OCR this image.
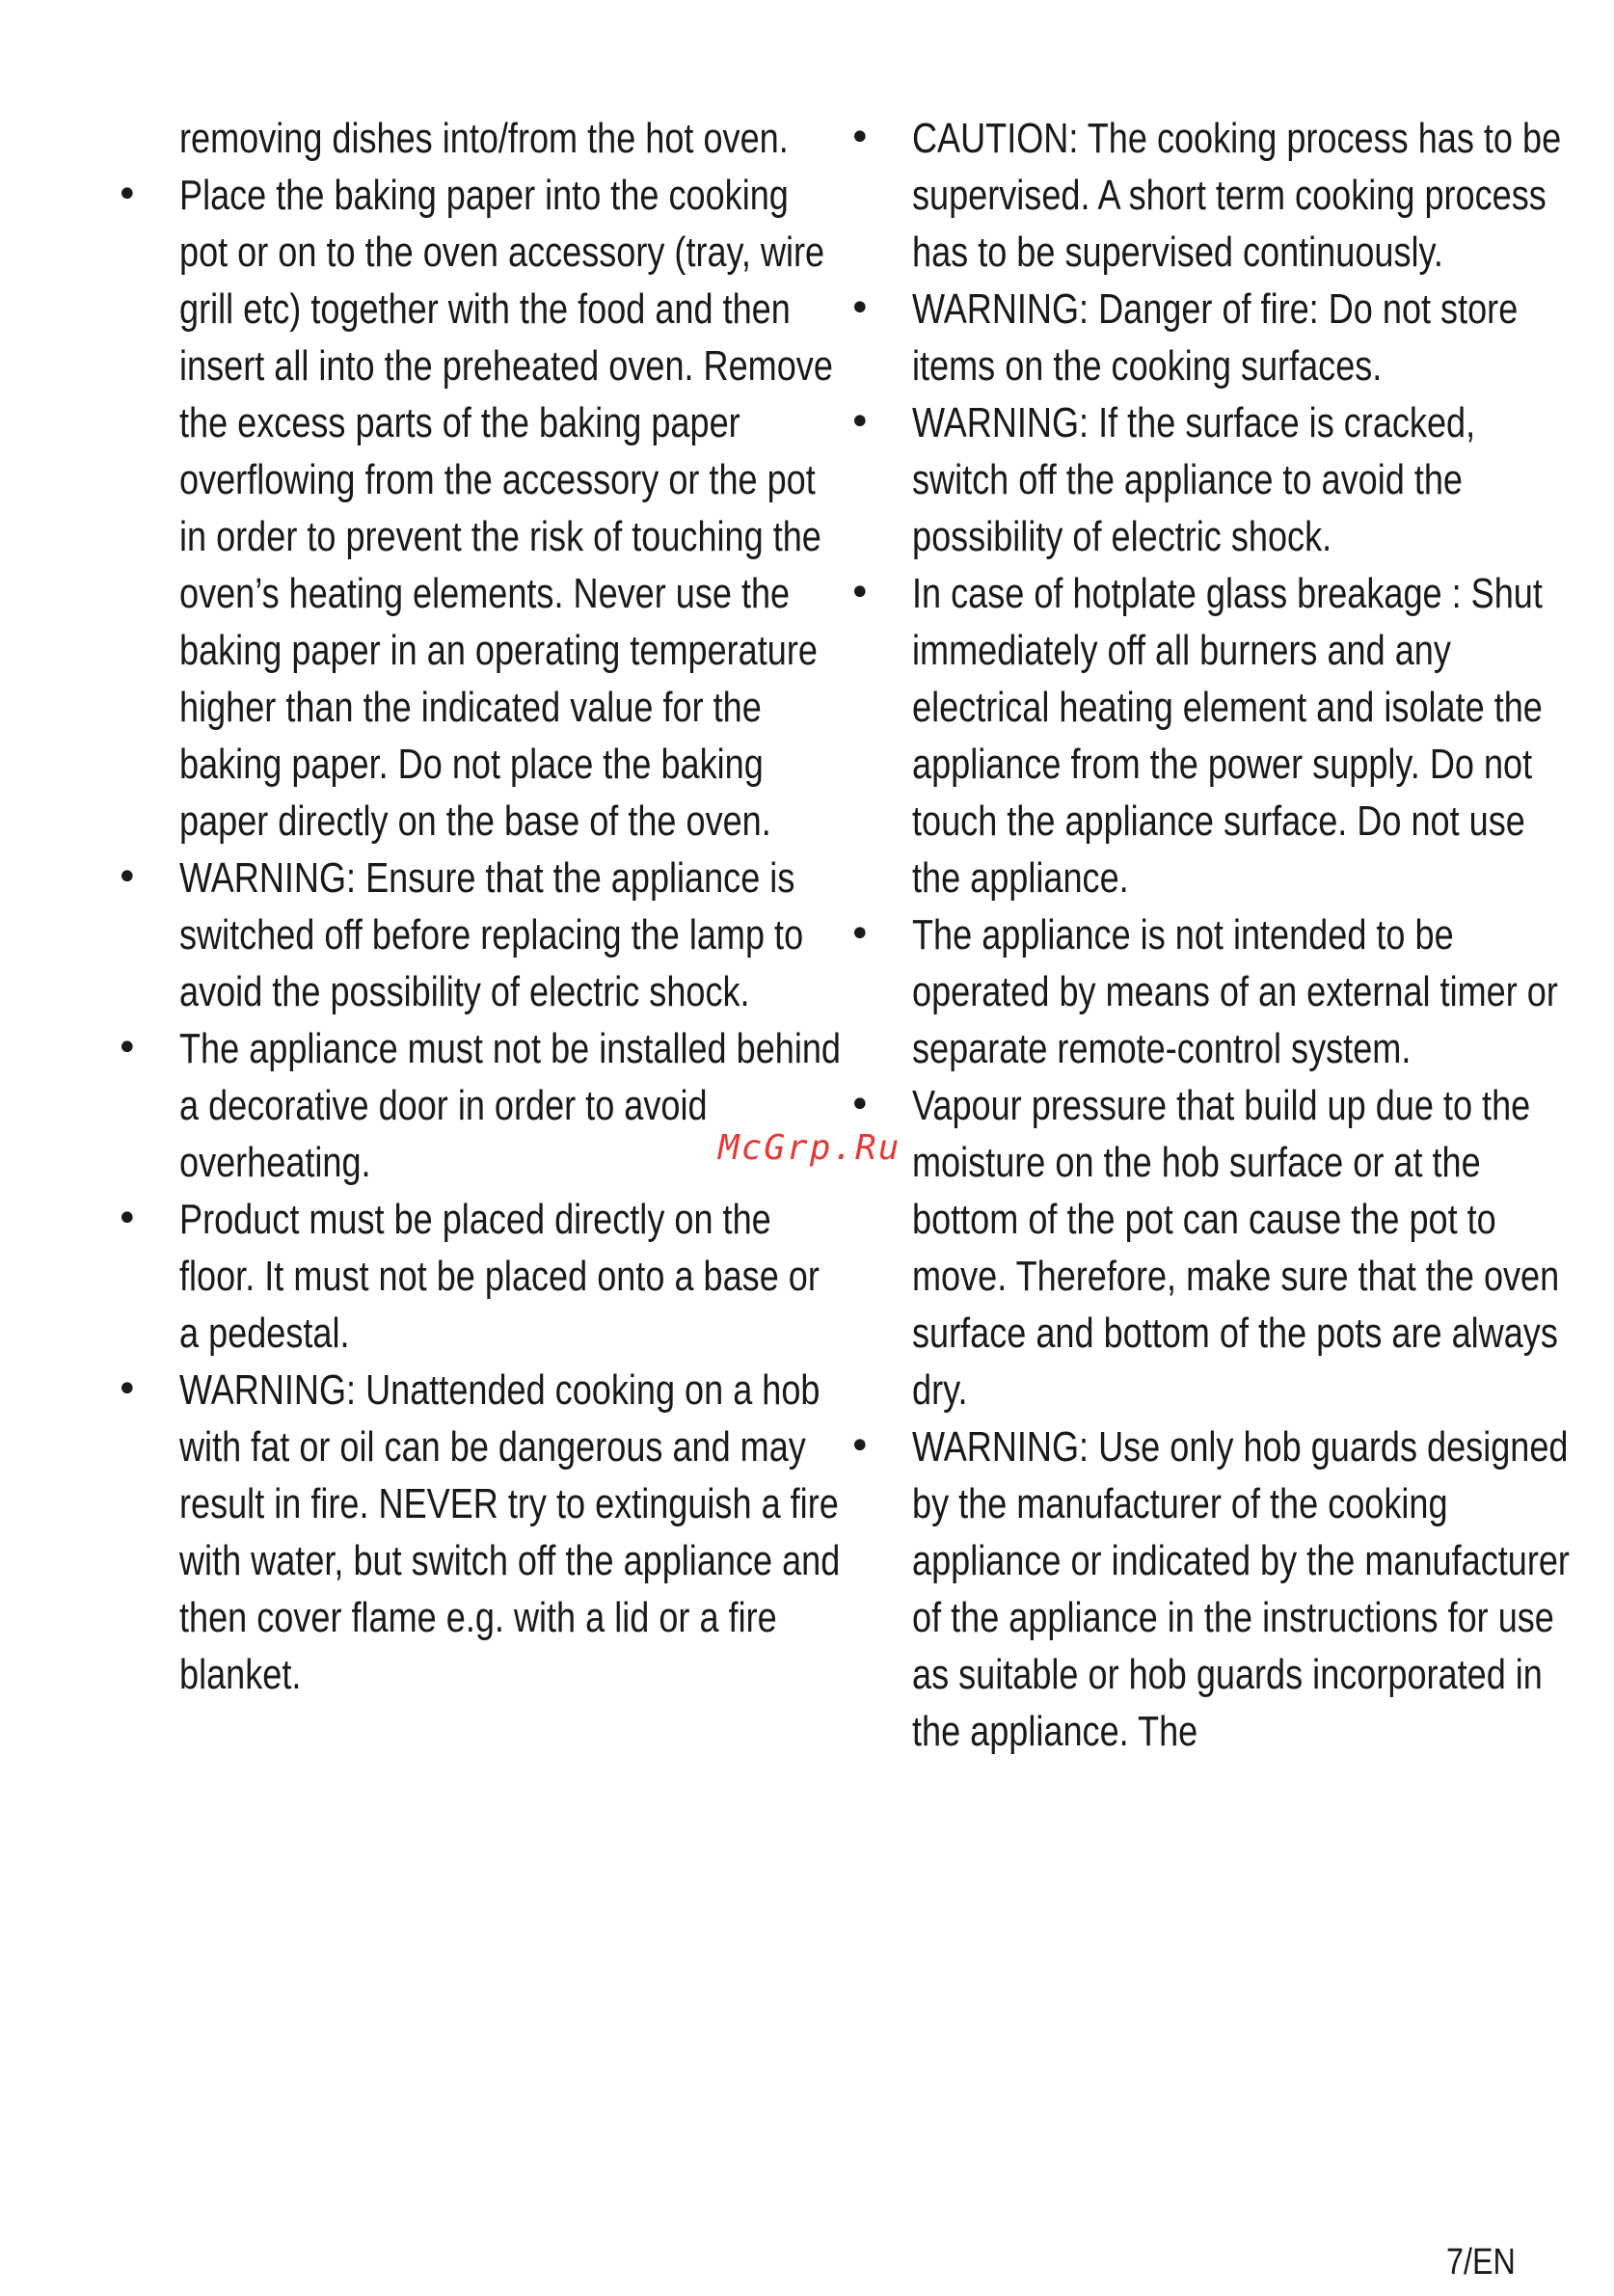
removing dishes into/from the hot oven.
• Place the baking paper into the cooking pot or on to the oven accessory (tray, wire grill etc) together with the food and then insert all into the preheated oven. Remove the excess parts of the baking paper overflowing from the accessory or the pot in order to prevent the risk of touching the oven’s heating elements. Never use the baking paper in an operating temperature higher than the indicated value for the baking paper. Do not place the baking paper directly on the base of the oven.
• WARNING: Ensure that the appliance is switched off before replacing the lamp to avoid the possibility of electric shock.
• The appliance must not be installed behind a decorative door in order to avoid overheating.
• Product must be placed directly on the floor. It must not be placed onto a base or a pedestal.
• WARNING: Unattended cooking on a hob with fat or oil can be dangerous and may result in fire. NEVER try to extinguish a fire with water, but switch off the appliance and then cover flame e.g. with a lid or a fire blanket.
• CAUTION: The cooking process has to be supervised. A short term cooking process has to be supervised continuously.
• WARNING: Danger of fire: Do not store items on the cooking surfaces.
• WARNING: If the surface is cracked, switch off the appliance to avoid the possibility of electric shock.
• In case of hotplate glass breakage : Shut immediately off all burners and any electrical heating element and isolate the appliance from the power supply. Do not touch the appliance surface. Do not use the appliance.
• The appliance is not intended to be operated by means of an external timer or separate remote-control system.
• Vapour pressure that build up due to the moisture on the hob surface or at the bottom of the pot can cause the pot to move. Therefore, make sure that the oven surface and bottom of the pots are always dry.
• WARNING: Use only hob guards designed by the manufacturer of the cooking appliance or indicated by the manufacturer of the appliance in the instructions for use as suitable or hob guards incorporated in the appliance. The
McGrp.Ru
7/EN
